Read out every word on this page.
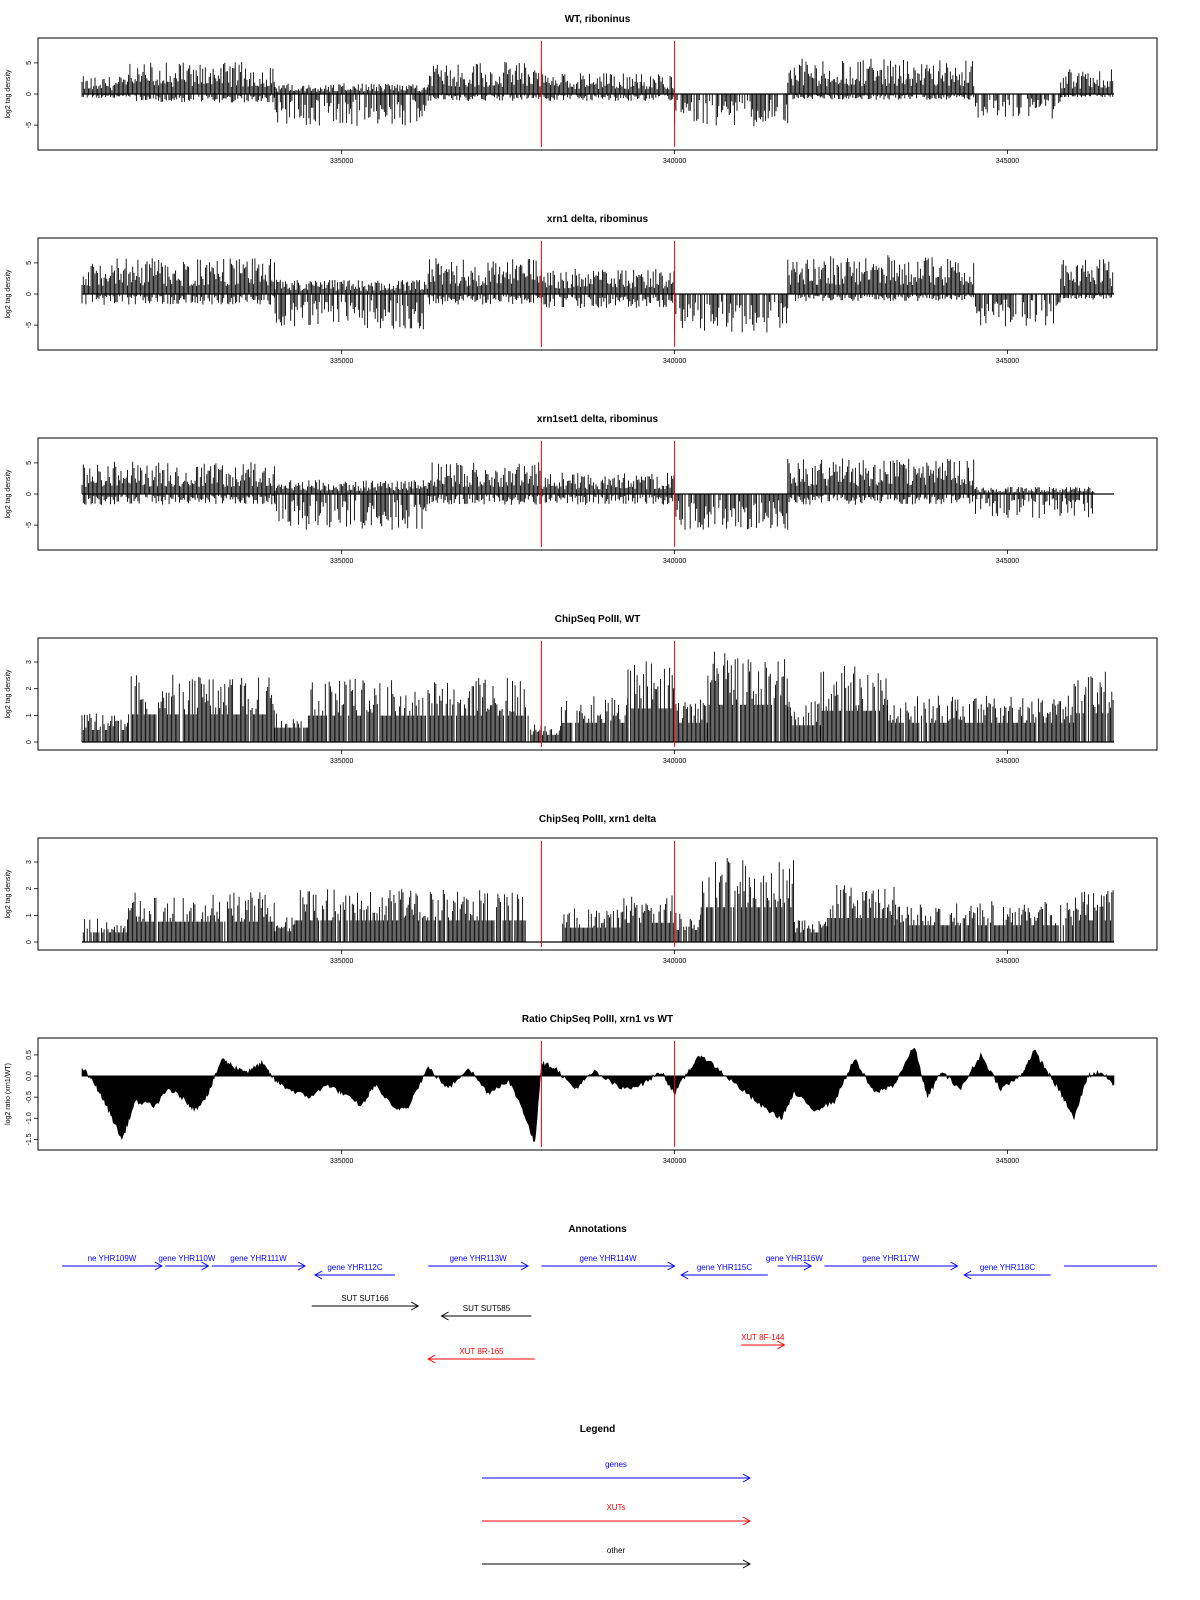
WT, riboninus
-5
0
5
log2 tag density
335000	340000	345000
xrn1 delta, ribominus
-5
0
5
log2 tag density
335000	340000	345000
xrn1set1 delta, ribominus
-5
0
5
log2 tag density
335000	340000	345000
ChipSeq PolII, WT
0
1
2
3
log2 tag density
335000	340000	345000
ChipSeq PolII, xrn1 delta
0
1
2
3
log2 tag density
335000	340000	345000
Ratio ChipSeq PolII, xrn1 vs WT
-1.5
-1.0
-0.5
0.0
0.5
log2 ratio (xrn1/WT)
335000	340000	345000
Annotations
ne YHR109W	gene YHR110W gene YHR111W
gene YHR112C
gene YHR113W	gene YHR114W
gene YHR115C
gene YHR116W	gene YHR117W
gene YHR118C
SUT SUT166
SUT SUT585
XUT 8F-144
XUT 8R-165
Legend
genes
XUTs
other
